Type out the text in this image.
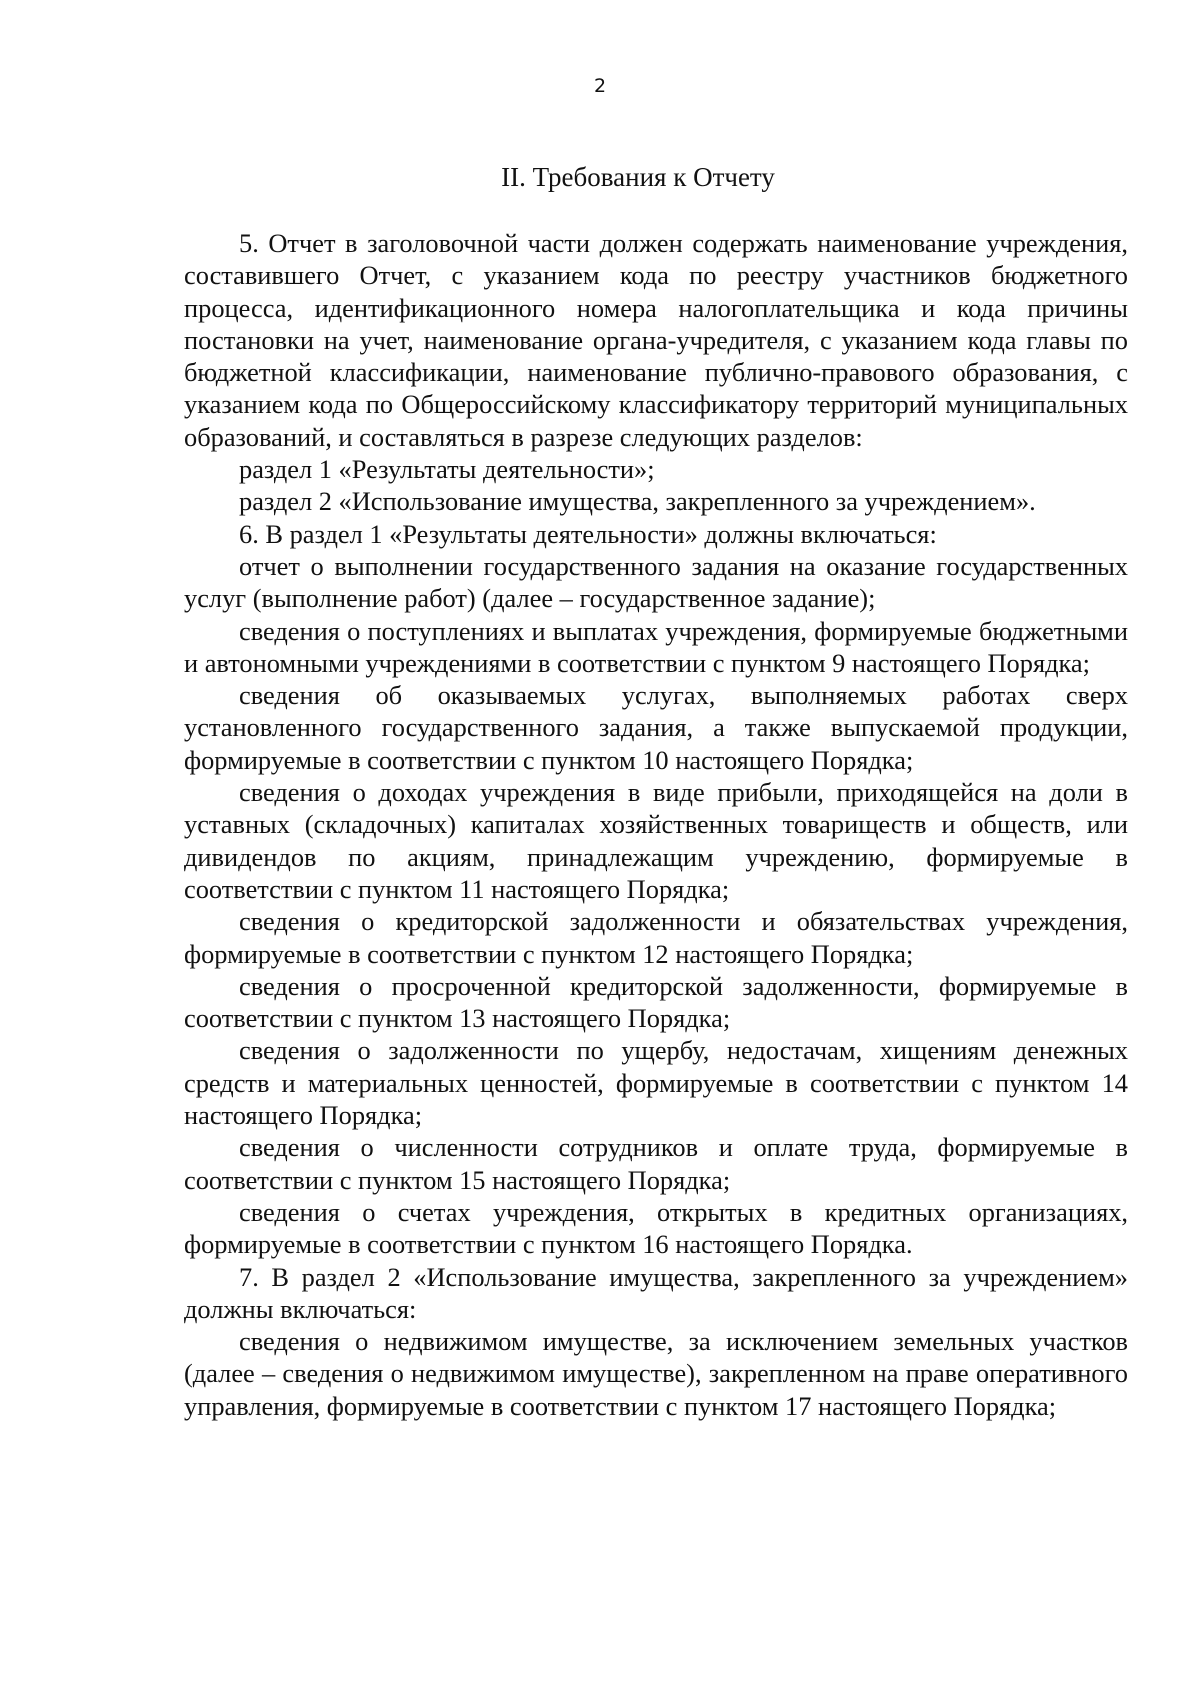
2
II. Требования к Отчету

5. Отчет в заголовочной части должен содержать наименование учреждения, составившего Отчет, с указанием кода по реестру участников бюджетного процесса, идентификационного номера налогоплательщика и кода причины постановки на учет, наименование органа-учредителя, с указанием кода главы по бюджетной классификации, наименование публично-правового образования, с указанием кода по Общероссийскому классификатору территорий муниципальных образований, и составляться в разрезе следующих разделов:

раздел 1 «Результаты деятельности»;

раздел 2 «Использование имущества, закрепленного за учреждением».

6. В раздел 1 «Результаты деятельности» должны включаться:

отчет о выполнении государственного задания на оказание государственных услуг (выполнение работ) (далее – государственное задание);

сведения о поступлениях и выплатах учреждения, формируемые бюджетными и автономными учреждениями в соответствии с пунктом 9 настоящего Порядка;

сведения об оказываемых услугах, выполняемых работах сверх установленного государственного задания, а также выпускаемой продукции, формируемые в соответствии с пунктом 10 настоящего Порядка;

сведения о доходах учреждения в виде прибыли, приходящейся на доли в уставных (складочных) капиталах хозяйственных товариществ и обществ, или дивидендов по акциям, принадлежащим учреждению, формируемые в соответствии с пунктом 11 настоящего Порядка;

сведения о кредиторской задолженности и обязательствах учреждения, формируемые в соответствии с пунктом 12 настоящего Порядка;

сведения о просроченной кредиторской задолженности, формируемые в соответствии с пунктом 13 настоящего Порядка;

сведения о задолженности по ущербу, недостачам, хищениям денежных средств и материальных ценностей, формируемые в соответствии с пунктом 14 настоящего Порядка;

сведения о численности сотрудников и оплате труда, формируемые в соответствии с пунктом 15 настоящего Порядка;

сведения о счетах учреждения, открытых в кредитных организациях, формируемые в соответствии с пунктом 16 настоящего Порядка.

7. В раздел 2 «Использование имущества, закрепленного за учреждением» должны включаться:

сведения о недвижимом имуществе, за исключением земельных участков (далее – сведения о недвижимом имуществе), закрепленном на праве оперативного управления, формируемые в соответствии с пунктом 17 настоящего Порядка;
